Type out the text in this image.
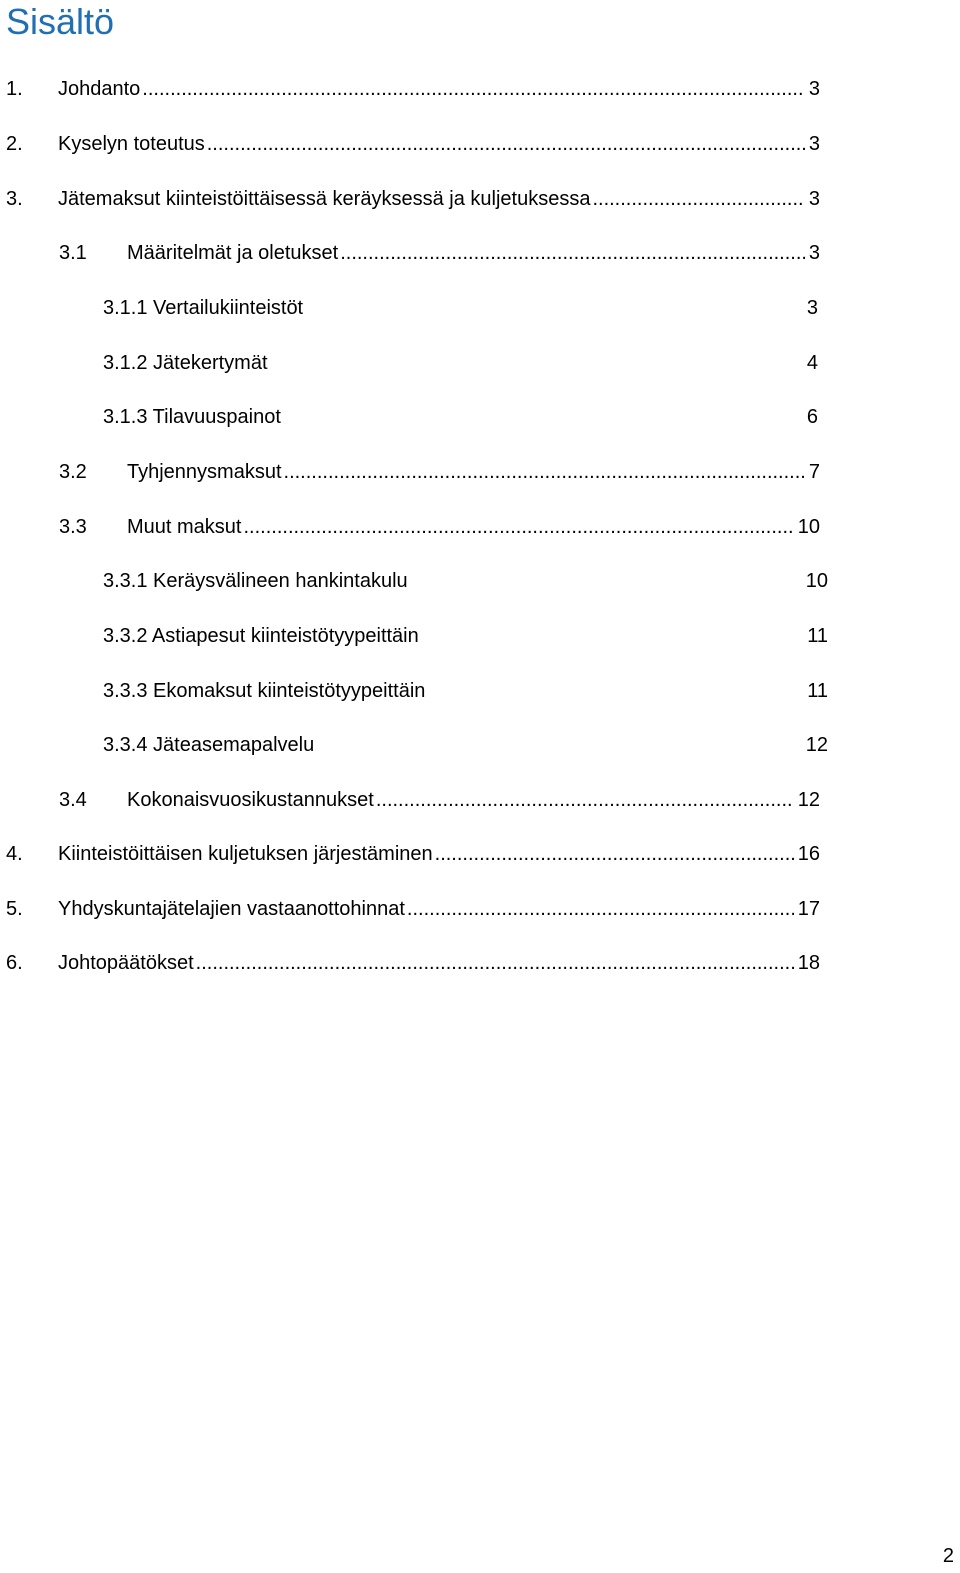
Sisältö
1. Johdanto .....	3
2. Kyselyn toteutus .....	3
3. Jätemaksut kiinteistöittäisessä keräyksessä ja kuljetuksessa .....	3
3.1 Määritelmät ja oletukset .....	3
3.1.1 Vertailukiinteistöt	3
3.1.2 Jätekertymät	4
3.1.3 Tilavuuspainot	6
3.2 Tyhjennysmaksut .....	7
3.3 Muut maksut .....	10
3.3.1 Keräysvälineen hankintakulu	10
3.3.2 Astiapesut kiinteistötyypeittäin	11
3.3.3 Ekomaksut kiinteistötyypeittäin	11
3.3.4 Jäteasemapalvelu	12
3.4 Kokonaisvuosikustannukset .....	12
4. Kiinteistöittäisen kuljetuksen järjestäminen .....	16
5. Yhdyskuntajätelajien vastaanottohinnat .....	17
6. Johtopäätökset .....	18
2
